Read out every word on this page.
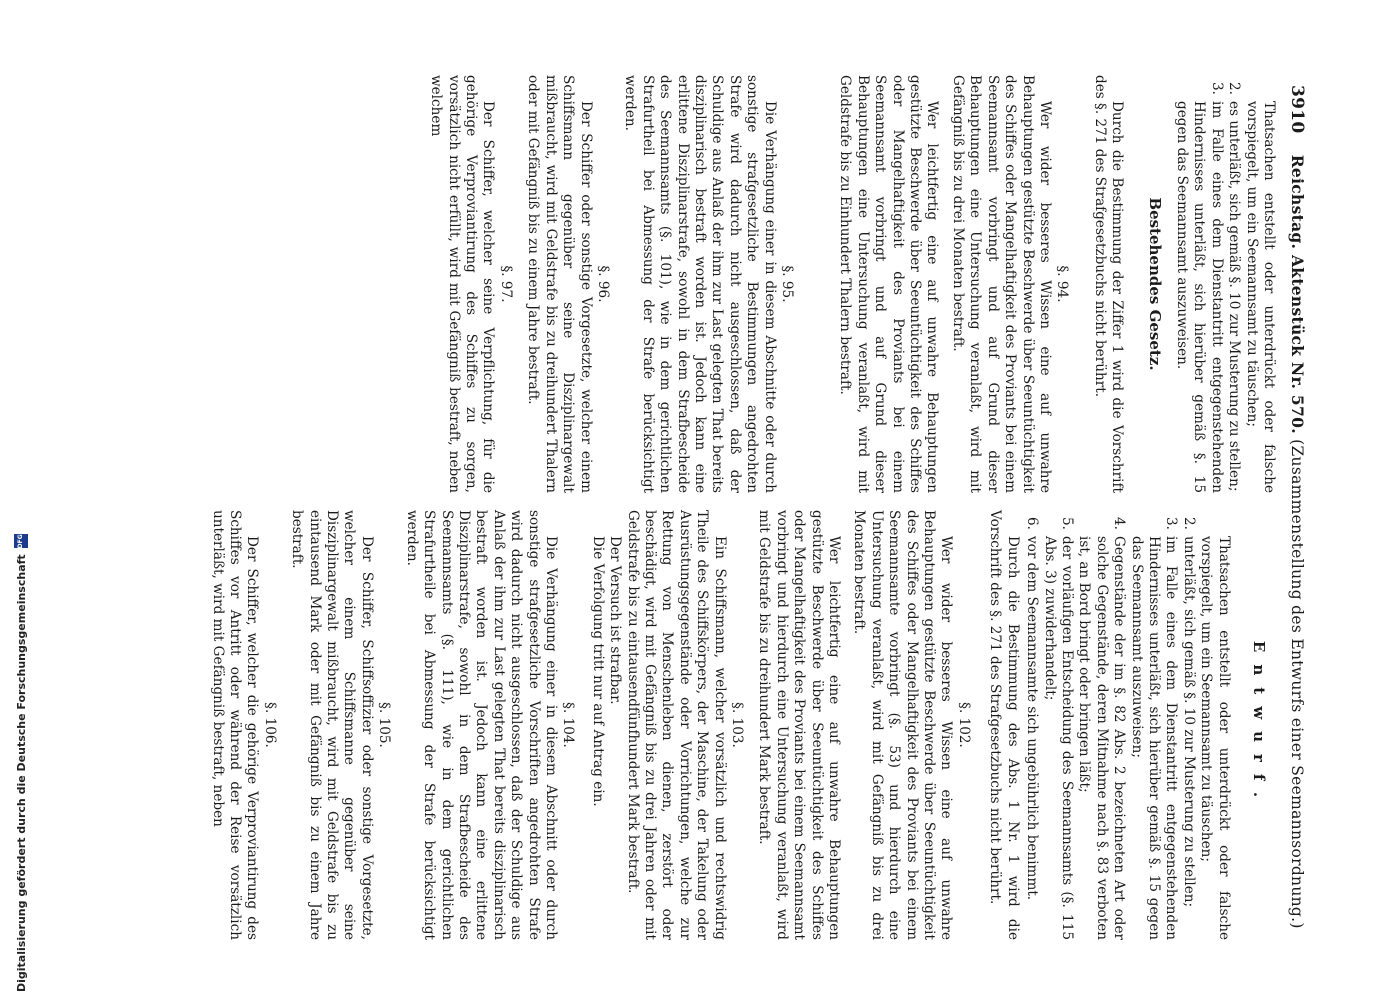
3910 Reichstag. Aktenstück Nr. 570. (Zusammenstellung des Entwurfs einer Seemannsordnung.)
Thatsachen entstellt oder unterdrückt oder falsche vorspiegelt, um ein Seemannsamt zu täuschen;
2.
es unterläßt, sich gemäß §. 10 zur Musterung zu stellen;
3.
im Falle eines dem Dienstantritt entgegenstehenden Hindernisses unterläßt, sich hierüber gemäß §. 15 gegen das Seemannsamt auszuweisen.

Bestehendes Gesetz.

Durch die Bestimmung der Ziffer 1 wird die Vorschrift des §. 271 des Strafgesetzbuchs nicht berührt.

§. 94.

Wer wider besseres Wissen eine auf unwahre Behauptungen gestützte Beschwerde über Seeuntüchtigkeit des Schiffes oder Mangelhaftigkeit des Proviants bei einem Seemannsamt vorbringt und auf Grund dieser Behauptungen eine Untersuchung veranlaßt, wird mit Gefängniß bis zu drei Monaten bestraft.

Wer leichtfertig eine auf unwahre Behauptungen gestützte Beschwerde über Seeuntüchtigkeit des Schiffes oder Mangelhaftigkeit des Proviants bei einem Seemannsamt vorbringt und auf Grund dieser Behauptungen eine Untersuchung veranlaßt, wird mit Geldstrafe bis zu Einhundert Thalern bestraft.

§. 95.

Die Verhängung einer in diesem Abschnitte oder durch sonstige strafgesetzliche Bestimmungen angedrohten Strafe wird dadurch nicht ausgeschlossen, daß der Schuldige aus Anlaß der ihm zur Last gelegten That bereits disziplinarisch bestraft worden ist. Jedoch kann eine erlittene Disziplinarstrafe, sowohl in dem Strafbescheide des Seemannsamts (§. 101), wie in dem gerichtlichen Strafurtheil bei Abmessung der Strafe berücksichtigt werden.

§. 96.

Der Schiffer oder sonstige Vorgesetzte, welcher einem Schiffsmann gegenüber seine Disziplinargewalt mißbraucht, wird mit Geldstrafe bis zu dreihundert Thalern oder mit Gefängniß bis zu einem Jahre bestraft.

§. 97.

Der Schiffer, welcher seine Verpflichtung, für die gehörige Verproviantirung des Schiffes zu sorgen, vorsätzlich nicht erfüllt, wird mit Gefängniß bestraft, neben welchem

Entwurf.

Thatsachen entstellt oder unterdrückt oder falsche vorspiegelt, um ein Seemannsamt zu täuschen;
2.
unterläßt, sich gemäß §. 10 zur Musterung zu stellen;
3.
im Falle eines dem Dienstantritt entgegenstehenden Hindernisses unterläßt, sich hierüber gemäß §. 15 gegen das Seemannsamt auszuweisen;
4.
Gegenstände der im §. 82 Abs. 2 bezeichneten Art oder solche Gegenstände, deren Mitnahme nach §. 83 verboten ist, an Bord bringt oder bringen läßt;
5.
der vorläufigen Entscheidung des Seemannsamts (§. 115 Abs. 3) zuwiderhandelt;
6.
vor dem Seemannsamte sich ungebührlich benimmt.

Durch die Bestimmung des Abs. 1 Nr. 1 wird die Vorschrift des §. 271 des Strafgesetzbuchs nicht berührt.

§. 102.

Wer wider besseres Wissen eine auf unwahre Behauptungen gestützte Beschwerde über Seeuntüchtigkeit des Schiffes oder Mangelhaftigkeit des Proviants bei einem Seemannsamte vorbringt (§. 53) und hierdurch eine Untersuchung veranlaßt, wird mit Gefängniß bis zu drei Monaten bestraft.

Wer leichtfertig eine auf unwahre Behauptungen gestützte Beschwerde über Seeuntüchtigkeit des Schiffes oder Mangelhaftigkeit des Proviants bei einem Seemannsamt vorbringt und hierdurch eine Untersuchung veranlaßt, wird mit Geldstrafe bis zu dreihundert Mark bestraft.

§. 103.

Ein Schiffsmann, welcher vorsätzlich und rechtswidrig Theile des Schiffskörpers, der Maschine, der Takelung oder Ausrüstungsgegenstände oder Vorrichtungen, welche zur Rettung von Menschenleben dienen, zerstört oder beschädigt, wird mit Gefängniß bis zu drei Jahren oder mit Geldstrafe bis zu eintausendfünfhundert Mark bestraft.

Der Versuch ist strafbar.

Die Verfolgung tritt nur auf Antrag ein.

§. 104.

Die Verhängung einer in diesem Abschnitt oder durch sonstige strafgesetzliche Vorschriften angedrohten Strafe wird dadurch nicht ausgeschlossen, daß der Schuldige aus Anlaß der ihm zur Last gelegten That bereits disziplinarisch bestraft worden ist. Jedoch kann eine erlittene Disziplinarstrafe, sowohl in dem Strafbescheide des Seemannsamts (§. 111), wie in dem gerichtlichen Strafurtheile bei Abmessung der Strafe berücksichtigt werden.

§. 105.

Der Schiffer, Schiffsoffizier oder sonstige Vorgesetzte, welcher einem Schiffsmanne gegenüber seine Disziplinargewalt mißbraucht, wird mit Geldstrafe bis zu eintausend Mark oder mit Gefängniß bis zu einem Jahre bestraft.

§. 106.

Der Schiffer, welcher die gehörige Verproviantirung des Schiffes vor Antritt oder während der Reise vorsätzlich unterläßt, wird mit Gefängniß bestraft, neben

Digitalisierung gefördert durch die Deutsche Forschungsgemeinschaft
DFG
